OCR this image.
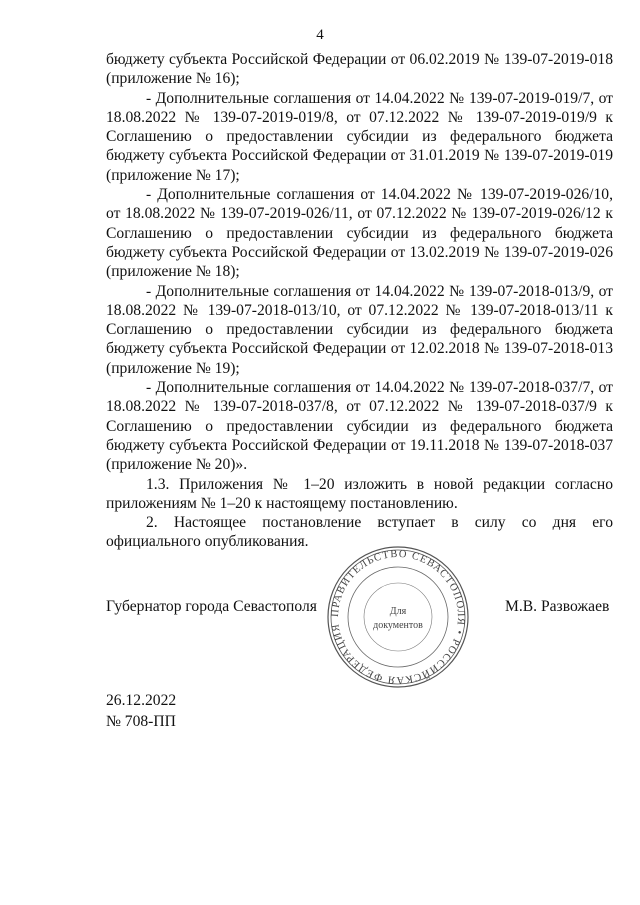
4

бюджету субъекта Российской Федерации от 06.02.2019 № 139-07-2019-018 (приложение № 16);

- Дополнительные соглашения от 14.04.2022 № 139-07-2019-019/7, от 18.08.2022 № 139-07-2019-019/8, от 07.12.2022 № 139-07-2019-019/9 к Соглашению о предоставлении субсидии из федерального бюджета бюджету субъекта Российской Федерации от 31.01.2019 № 139-07-2019-019 (приложение № 17);

- Дополнительные соглашения от 14.04.2022 № 139-07-2019-026/10, от 18.08.2022 № 139-07-2019-026/11, от 07.12.2022 № 139-07-2019-026/12 к Соглашению о предоставлении субсидии из федерального бюджета бюджету субъекта Российской Федерации от 13.02.2019 № 139-07-2019-026 (приложение № 18);

- Дополнительные соглашения от 14.04.2022 № 139-07-2018-013/9, от 18.08.2022 № 139-07-2018-013/10, от 07.12.2022 № 139-07-2018-013/11 к Соглашению о предоставлении субсидии из федерального бюджета бюджету субъекта Российской Федерации от 12.02.2018 № 139-07-2018-013 (приложение № 19);

- Дополнительные соглашения от 14.04.2022 № 139-07-2018-037/7, от 18.08.2022 № 139-07-2018-037/8, от 07.12.2022 № 139-07-2018-037/9 к Соглашению о предоставлении субсидии из федерального бюджета бюджету субъекта Российской Федерации от 19.11.2018 № 139-07-2018-037 (приложение № 20)».

1.3. Приложения № 1–20 изложить в новой редакции согласно приложениям № 1–20 к настоящему постановлению.

2. Настоящее постановление вступает в силу со дня его официального опубликования.

Губернатор города Севастополя	ПРАВИТЕЛЬСТВО СЕВАСТОПОЛЯ • РОССИЙСКАЯ ФЕДЕРАЦИЯ
Для
документов
М.В. Развожаев
26.12.2022
№ 708-ПП
